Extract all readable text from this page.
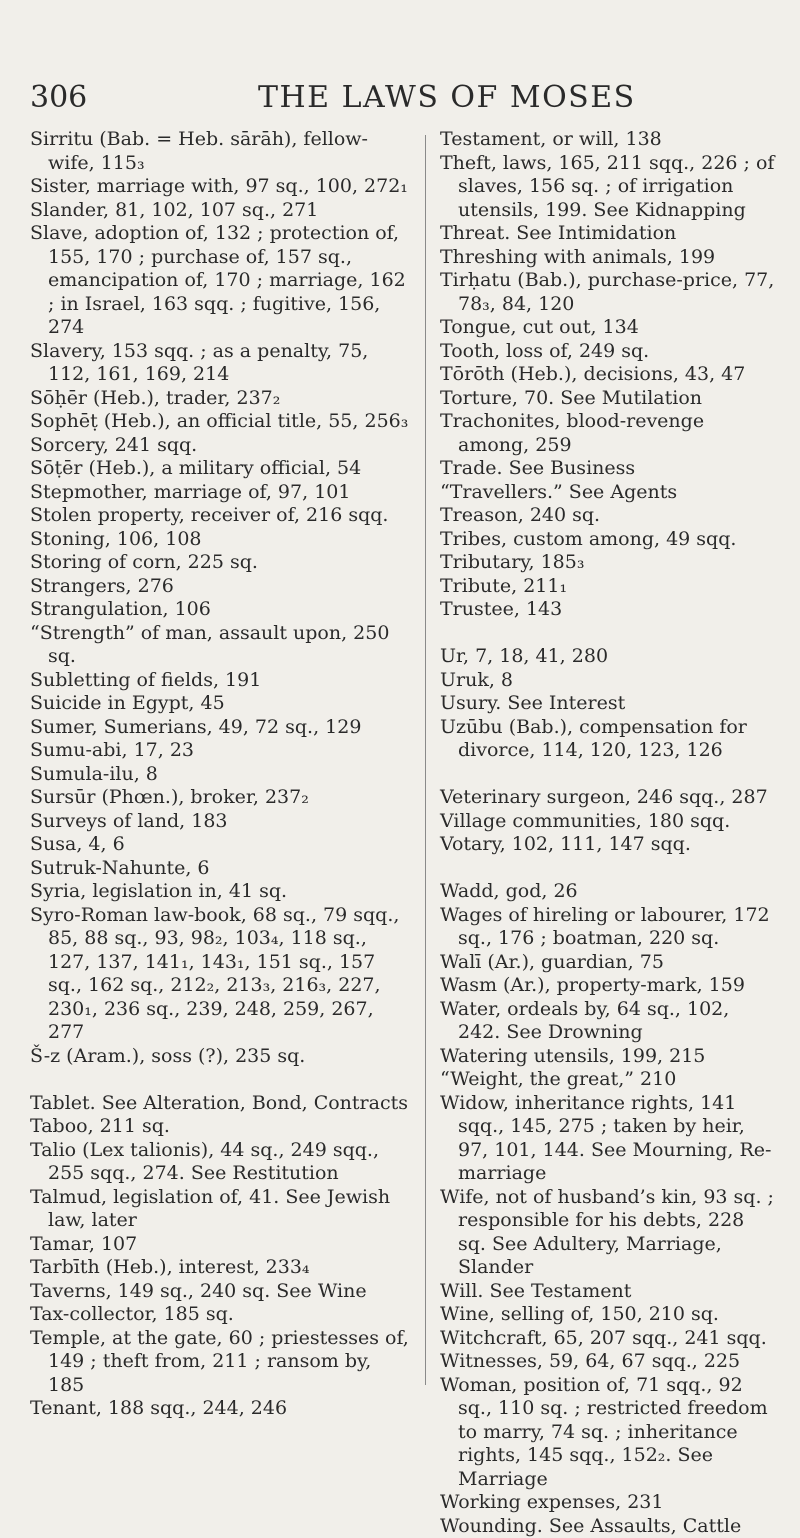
306	THE LAWS OF MOSES
Sirritu (Bab. = Heb. sārāh), fellow-wife, 115₃
Sister, marriage with, 97 sq., 100, 272₁
Slander, 81, 102, 107 sq., 271
Slave, adoption of, 132 ; protection of, 155, 170 ; purchase of, 157 sq., emancipation of, 170 ; marriage, 162 ; in Israel, 163 sqq. ; fugitive, 156, 274
Slavery, 153 sqq. ; as a penalty, 75, 112, 161, 169, 214
Sōḥēr (Heb.), trader, 237₂
Sophēṭ (Heb.), an official title, 55, 256₃
Sorcery, 241 sqq.
Sōṭēr (Heb.), a military official, 54
Stepmother, marriage of, 97, 101
Stolen property, receiver of, 216 sqq.
Stoning, 106, 108
Storing of corn, 225 sq.
Strangers, 276
Strangulation, 106
“Strength” of man, assault upon, 250 sq.
Subletting of fields, 191
Suicide in Egypt, 45
Sumer, Sumerians, 49, 72 sq., 129
Sumu-abi, 17, 23
Sumula-ilu, 8
Sursūr (Phœn.), broker, 237₂
Surveys of land, 183
Susa, 4, 6
Sutruk-Nahunte, 6
Syria, legislation in, 41 sq.
Syro-Roman law-book, 68 sq., 79 sqq., 85, 88 sq., 93, 98₂, 103₄, 118 sq., 127, 137, 141₁, 143₁, 151 sq., 157 sq., 162 sq., 212₂, 213₃, 216₃, 227, 230₁, 236 sq., 239, 248, 259, 267, 277
Š-z (Aram.), soss (?), 235 sq.
Tablet. See Alteration, Bond, Contracts
Taboo, 211 sq.
Talio (Lex talionis), 44 sq., 249 sqq., 255 sqq., 274. See Restitution
Talmud, legislation of, 41. See Jewish law, later
Tamar, 107
Tarbīth (Heb.), interest, 233₄
Taverns, 149 sq., 240 sq. See Wine
Tax-collector, 185 sq.
Temple, at the gate, 60 ; priestesses of, 149 ; theft from, 211 ; ransom by, 185
Tenant, 188 sqq., 244, 246
Testament, or will, 138
Theft, laws, 165, 211 sqq., 226 ; of slaves, 156 sq. ; of irrigation utensils, 199. See Kidnapping
Threat. See Intimidation
Threshing with animals, 199
Tirḥatu (Bab.), purchase-price, 77, 78₃, 84, 120
Tongue, cut out, 134
Tooth, loss of, 249 sq.
Tōrōth (Heb.), decisions, 43, 47
Torture, 70. See Mutilation
Trachonites, blood-revenge among, 259
Trade. See Business
“Travellers.” See Agents
Treason, 240 sq.
Tribes, custom among, 49 sqq.
Tributary, 185₃
Tribute, 211₁
Trustee, 143
Ur, 7, 18, 41, 280
Uruk, 8
Usury. See Interest
Uzūbu (Bab.), compensation for divorce, 114, 120, 123, 126
Veterinary surgeon, 246 sqq., 287
Village communities, 180 sqq.
Votary, 102, 111, 147 sqq.
Wadd, god, 26
Wages of hireling or labourer, 172 sq., 176 ; boatman, 220 sq.
Walī (Ar.), guardian, 75
Wasm (Ar.), property-mark, 159
Water, ordeals by, 64 sq., 102, 242. See Drowning
Watering utensils, 199, 215
“Weight, the great,” 210
Widow, inheritance rights, 141 sqq., 145, 275 ; taken by heir, 97, 101, 144. See Mourning, Re-marriage
Wife, not of husband’s kin, 93 sq. ; responsible for his debts, 228 sq. See Adultery, Marriage, Slander
Will. See Testament
Wine, selling of, 150, 210 sq.
Witchcraft, 65, 207 sqq., 241 sqq.
Witnesses, 59, 64, 67 sqq., 225
Woman, position of, 71 sqq., 92 sq., 110 sq. ; restricted freedom to marry, 74 sq. ; inheritance rights, 145 sqq., 152₂. See Marriage
Working expenses, 231
Wounding. See Assaults, Cattle
